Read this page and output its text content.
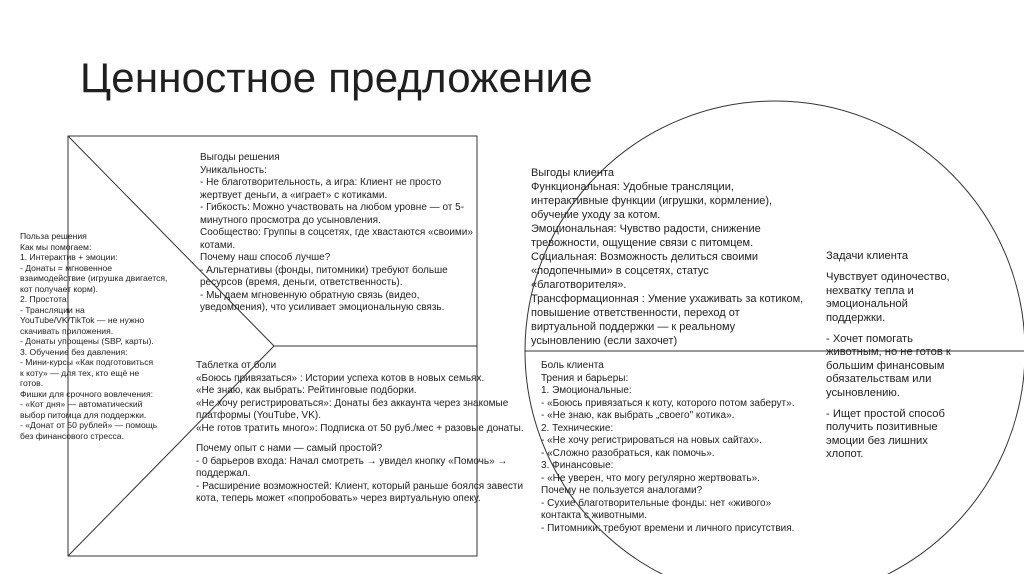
Ценностное предложение
Выгоды решения
Уникальность:
- Не благотворительность, а игра: Клиент не просто
жертвует деньги, а «играет» с котиками.
- Гибкость: Можно участвовать на любом уровне — от 5-
минутного просмотра до усыновления.
Сообщество: Группы в соцсетях, где хвастаются «своими»
котами.
Почему наш способ лучше?
- Альтернативы (фонды, питомники) требуют больше
ресурсов (время, деньги, ответственность).
- Мы даем мгновенную обратную связь (видео,
уведомления), что усиливает эмоциональную связь.
Польза решения
Как мы помогаем:
1. Интерактив + эмоции:
- Донаты = мгновенное
взаимодействие (игрушка двигается,
кот получает корм).
2. Простота:
- Трансляции на
YouTube/VK/TikTok — не нужно
скачивать приложения.
- Донаты упрощены (SBP, карты).
3. Обучение без давления:
- Мини-курсы «Как подготовиться
к коту» — для тех, кто ещё не
готов.
Фишки для срочного вовлечения:
- «Кот дня» — автоматический
выбор питомца для поддержки.
- «Донат от 50 рублей» — помощь
без финансового стресса.
Таблетка от боли
«Боюсь привязаться» : Истории успеха котов в новых семьях.
«Не знаю, как выбрать: Рейтинговые подборки.
«Не хочу регистрироваться»: Донаты без аккаунта через знакомые
платформы (YouTube, VK).
«Не готов тратить много»: Подписка от 50 руб./мес + разовые донаты.
Почему опыт с нами — самый простой?
- 0 барьеров входа: Начал смотреть → увидел кнопку «Помочь» →
поддержал.
- Расширение возможностей: Клиент, который раньше боялся завести
кота, теперь может «попробовать» через виртуальную опеку.
Выгоды клиента
Функциональная: Удобные трансляции,
интерактивные функции (игрушки, кормление),
обучение уходу за котом.
Эмоциональная: Чувство радости, снижение
тревожности, ощущение связи с питомцем.
Социальная: Возможность делиться своими
«подопечными» в соцсетях, статус
«благотворителя».
Трансформационная : Умение ухаживать за котиком,
повышение ответственности, переход от
виртуальной поддержки — к реальному
усыновлению (если захочет)
Боль клиента
Трения и барьеры:
1. Эмоциональные:
- «Боюсь привязаться к коту, которого потом заберут».
- «Не знаю, как выбрать „своего" котика».
2. Технические:
- «Не хочу регистрироваться на новых сайтах».
- «Сложно разобраться, как помочь».
3. Финансовые:
- «Не уверен, что могу регулярно жертвовать».
Почему не пользуется аналогами?
- Сухие благотворительные фонды: нет «живого»
контакта с животными.
- Питомники: требуют времени и личного присутствия.
Задачи клиента
Чувствует одиночество, нехватку тепла и эмоциональной поддержки.
- Хочет помогать животным, но не готов к большим финансовым обязательствам или усыновлению.
- Ищет простой способ получить позитивные эмоции без лишних хлопот.
